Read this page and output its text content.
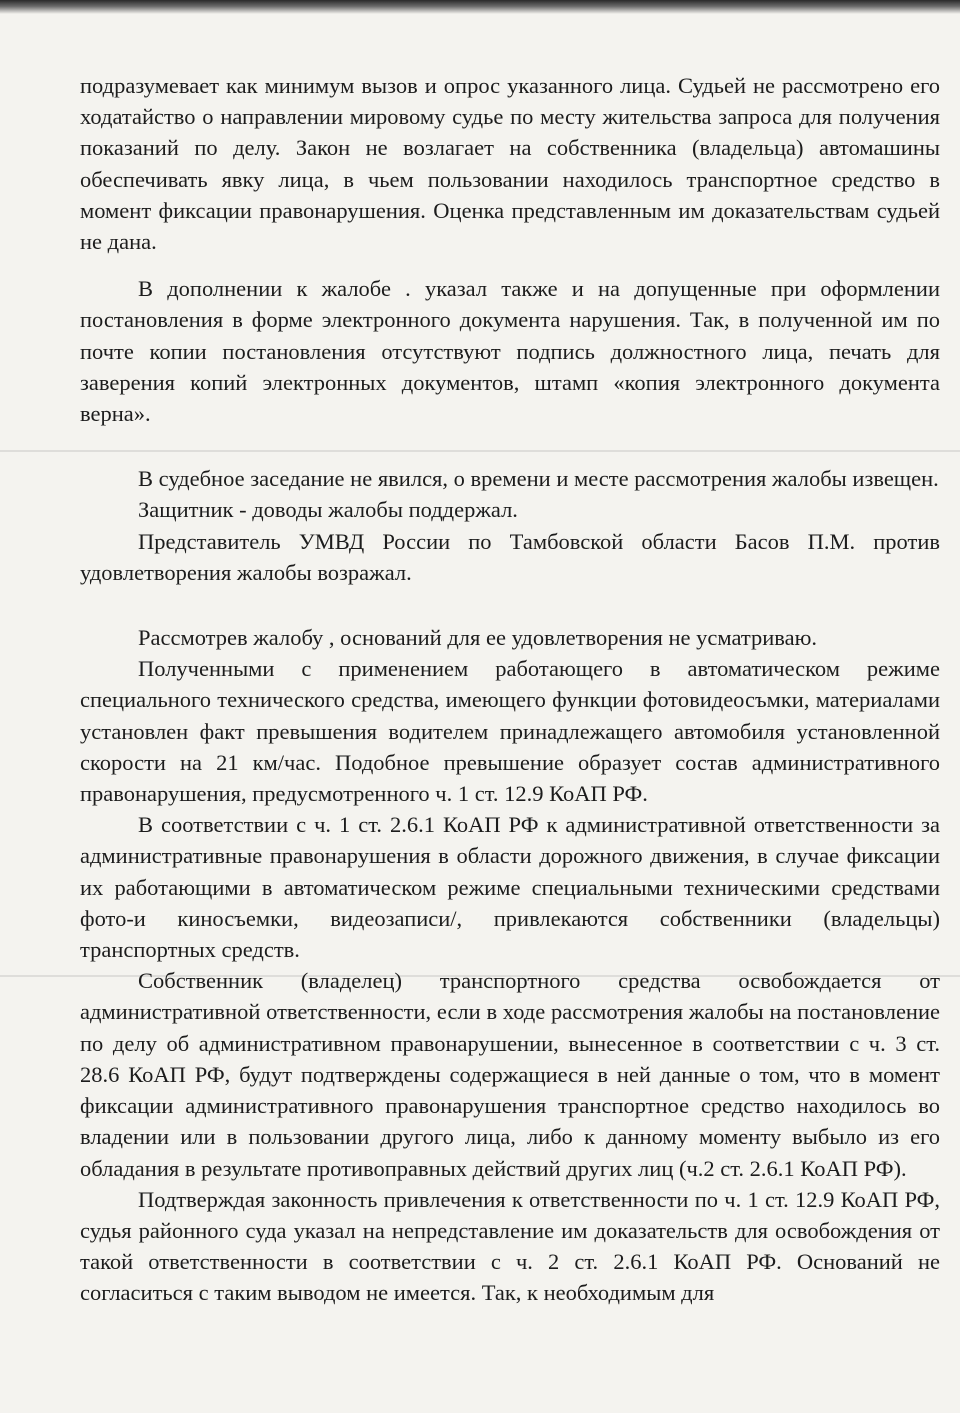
подразумевает как минимум вызов и опрос указанного лица. Судьей не рассмотрено его ходатайство о направлении мировому судье по месту жительства запроса для получения показаний по делу. Закон не возлагает на собственника (владельца) автомашины обеспечивать явку лица, в чьем пользовании находилось транспортное средство в момент фиксации правонарушения. Оценка представленным им доказательствам судьей не дана.

В дополнении к жалобе . указал также и на допущенные при оформлении постановления в форме электронного документа нарушения. Так, в полученной им по почте копии постановления отсутствуют подпись должностного лица, печать для заверения копий электронных документов, штамп «копия электронного документа верна».

В судебное заседание не явился, о времени и месте рассмотрения жалобы извещен.

Защитник - доводы жалобы поддержал.

Представитель УМВД России по Тамбовской области Басов П.М. против удовлетворения жалобы возражал.

Рассмотрев жалобу , оснований для ее удовлетворения не усматриваю.

Полученными с применением работающего в автоматическом режиме специального технического средства, имеющего функции фотовидеосъмки, материалами установлен факт превышения водителем принадлежащего автомобиля установленной скорости на 21 км/час. Подобное превышение образует состав административного правонарушения, предусмотренного ч. 1 ст. 12.9 КоАП РФ.

В соответствии с ч. 1 ст. 2.6.1 КоАП РФ к административной ответственности за административные правонарушения в области дорожного движения, в случае фиксации их работающими в автоматическом режиме специальными техническими средствами фото-и киносъемки, видеозаписи/, привлекаются собственники (владельцы) транспортных средств.

Собственник (владелец) транспортного средства освобождается от административной ответственности, если в ходе рассмотрения жалобы на постановление по делу об административном правонарушении, вынесенное в соответствии с ч. 3 ст. 28.6 КоАП РФ, будут подтверждены содержащиеся в ней данные о том, что в момент фиксации административного правонарушения транспортное средство находилось во владении или в пользовании другого лица, либо к данному моменту выбыло из его обладания в результате противоправных действий других лиц (ч.2 ст. 2.6.1 КоАП РФ).

Подтверждая законность привлечения к ответственности по ч. 1 ст. 12.9 КоАП РФ, судья районного суда указал на непредставление им доказательств для освобождения от такой ответственности в соответствии с ч. 2 ст. 2.6.1 КоАП РФ. Оснований не согласиться с таким выводом не имеется. Так, к необходимым для
